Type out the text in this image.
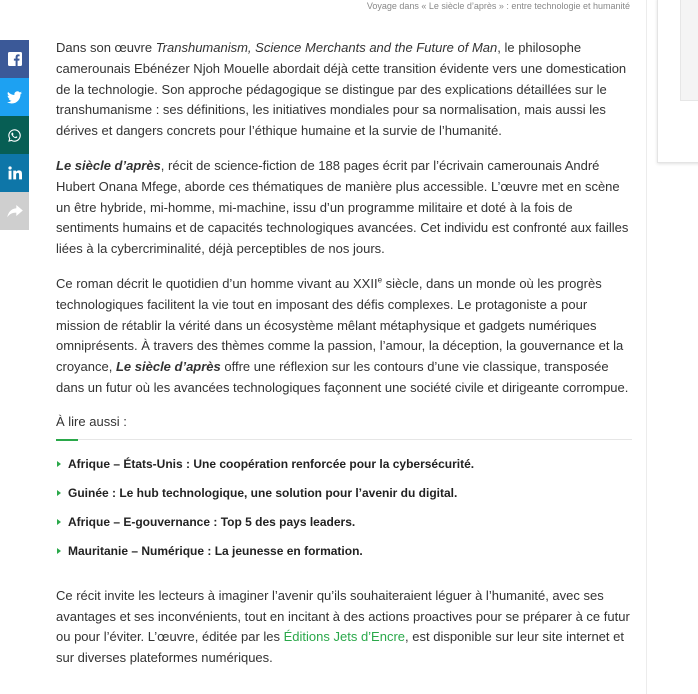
Voyage dans « Le siècle d’après » : entre technologie et humanité

Dans son œuvre Transhumanism, Science Merchants and the Future of Man, le philosophe camerounais Ebénézer Njoh Mouelle abordait déjà cette transition évidente vers une domestication de la technologie. Son approche pédagogique se distingue par des explications détaillées sur le transhumanisme : ses définitions, les initiatives mondiales pour sa normalisation, mais aussi les dérives et dangers concrets pour l’éthique humaine et la survie de l’humanité.

Le siècle d’après, récit de science-fiction de 188 pages écrit par l’écrivain camerounais André Hubert Onana Mfege, aborde ces thématiques de manière plus accessible. L’œuvre met en scène un être hybride, mi-homme, mi-machine, issu d’un programme militaire et doté à la fois de sentiments humains et de capacités technologiques avancées. Cet individu est confronté aux failles liées à la cybercriminalité, déjà perceptibles de nos jours.

Ce roman décrit le quotidien d’un homme vivant au XXIIe siècle, dans un monde où les progrès technologiques facilitent la vie tout en imposant des défis complexes. Le protagoniste a pour mission de rétablir la vérité dans un écosystème mêlant métaphysique et gadgets numériques omniprésents. À travers des thèmes comme la passion, l’amour, la déception, la gouvernance et la croyance, Le siècle d’après offre une réflexion sur les contours d’une vie classique, transposée dans un futur où les avancées technologiques façonnent une société civile et dirigeante corrompue.

À lire aussi :
Afrique – États-Unis : Une coopération renforcée pour la cybersécurité.
Guinée : Le hub technologique, une solution pour l’avenir du digital.
Afrique – E-gouvernance : Top 5 des pays leaders.
Mauritanie – Numérique : La jeunesse en formation.

Ce récit invite les lecteurs à imaginer l’avenir qu’ils souhaiteraient léguer à l’humanité, avec ses avantages et ses inconvénients, tout en incitant à des actions proactives pour se préparer à ce futur ou pour l’éviter. L’œuvre, éditée par les Éditions Jets d’Encre, est disponible sur leur site internet et sur diverses plateformes numériques.
